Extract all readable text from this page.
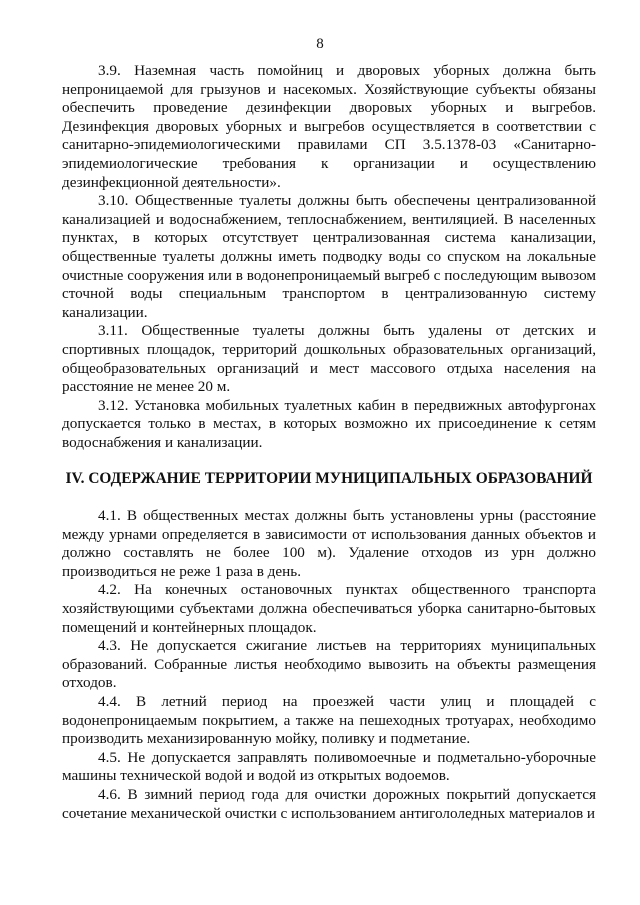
8

3.9. Наземная часть помойниц и дворовых уборных должна быть непроницаемой для грызунов и насекомых. Хозяйствующие субъекты обязаны обеспечить проведение дезинфекции дворовых уборных и выгребов. Дезинфекция дворовых уборных и выгребов осуществляется в соответствии с санитарно-эпидемиологическими правилами СП 3.5.1378-03 «Санитарно-эпидемиологические требования к организации и осуществлению дезинфекционной деятельности».

3.10. Общественные туалеты должны быть обеспечены централизованной канализацией и водоснабжением, теплоснабжением, вентиляцией. В населенных пунктах, в которых отсутствует централизованная система канализации, общественные туалеты должны иметь подводку воды со спуском на локальные очистные сооружения или в водонепроницаемый выгреб с последующим вывозом сточной воды специальным транспортом в централизованную систему канализации.

3.11. Общественные туалеты должны быть удалены от детских и спортивных площадок, территорий дошкольных образовательных организаций, общеобразовательных организаций и мест массового отдыха населения на расстояние не менее 20 м.

3.12. Установка мобильных туалетных кабин в передвижных автофургонах допускается только в местах, в которых возможно их присоединение к сетям водоснабжения и канализации.

IV. СОДЕРЖАНИЕ ТЕРРИТОРИИ МУНИЦИПАЛЬНЫХ ОБРАЗОВАНИЙ

4.1. В общественных местах должны быть установлены урны (расстояние между урнами определяется в зависимости от использования данных объектов и должно составлять не более 100 м). Удаление отходов из урн должно производиться не реже 1 раза в день.

4.2. На конечных остановочных пунктах общественного транспорта хозяйствующими субъектами должна обеспечиваться уборка санитарно-бытовых помещений и контейнерных площадок.

4.3. Не допускается сжигание листьев на территориях муниципальных образований. Собранные листья необходимо вывозить на объекты размещения отходов.

4.4. В летний период на проезжей части улиц и площадей с водонепроницаемым покрытием, а также на пешеходных тротуарах, необходимо производить механизированную мойку, поливку и подметание.

4.5. Не допускается заправлять поливомоечные и подметально-уборочные машины технической водой и водой из открытых водоемов.

4.6. В зимний период года для очистки дорожных покрытий допускается сочетание механической очистки с использованием антигололедных материалов и
